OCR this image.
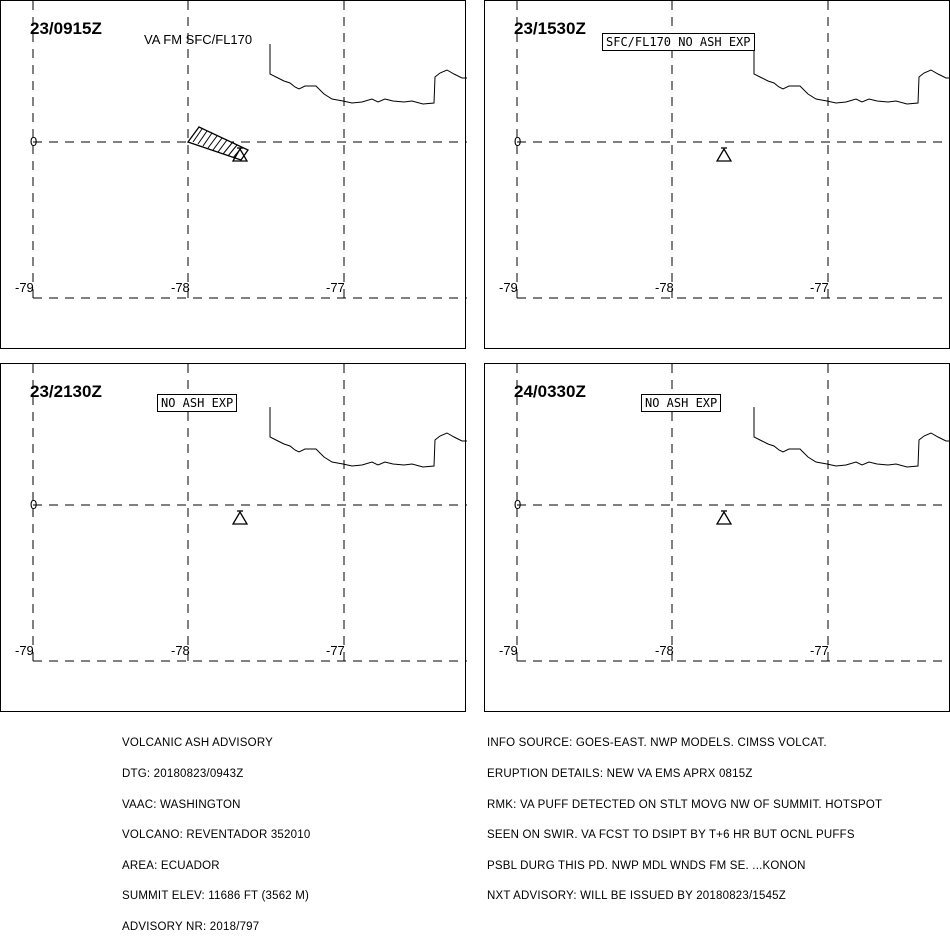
23/0915Z
VA FM SFC/FL170
0
-79	-78	-77
23/1530Z
SFC/FL170 NO ASH EXP
0
-79	-78	-77
23/2130Z
NO ASH EXP
0
-79	-78	-77
24/0330Z
NO ASH EXP
0
-79	-78	-77

VOLCANIC ASH ADVISORY

DTG: 20180823/0943Z

VAAC: WASHINGTON

VOLCANO: REVENTADOR 352010

AREA: ECUADOR

SUMMIT ELEV: 11686 FT (3562 M)

ADVISORY NR: 2018/797

INFO SOURCE: GOES-EAST. NWP MODELS. CIMSS VOLCAT.

ERUPTION DETAILS: NEW VA EMS APRX 0815Z

RMK: VA PUFF DETECTED ON STLT MOVG NW OF SUMMIT. HOTSPOT

SEEN ON SWIR. VA FCST TO DSIPT BY T+6 HR BUT OCNL PUFFS

PSBL DURG THIS PD. NWP MDL WNDS FM SE. ...KONON

NXT ADVISORY: WILL BE ISSUED BY 20180823/1545Z
